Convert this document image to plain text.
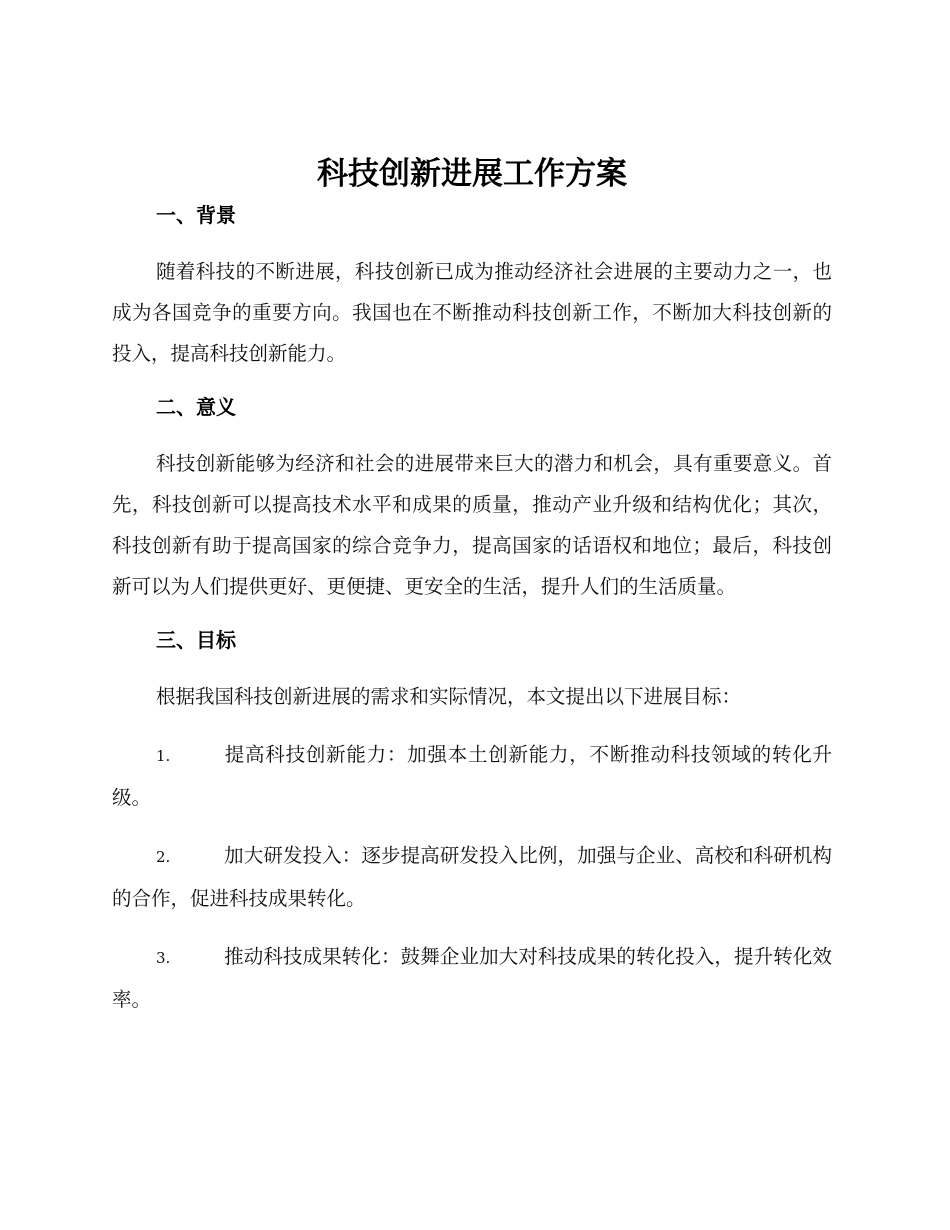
科技创新进展工作方案
一、背景

随着科技的不断进展，科技创新已成为推动经济社会进展的主要动力之一，也成为各国竞争的重要方向。我国也在不断推动科技创新工作，不断加大科技创新的投入，提高科技创新能力。

二、意义

科技创新能够为经济和社会的进展带来巨大的潜力和机会，具有重要意义。首先，科技创新可以提高技术水平和成果的质量，推动产业升级和结构优化；其次，科技创新有助于提高国家的综合竞争力，提高国家的话语权和地位；最后，科技创新可以为人们提供更好、更便捷、更安全的生活，提升人们的生活质量。

三、目标

根据我国科技创新进展的需求和实际情况，本文提出以下进展目标：

1.	提高科技创新能力：加强本土创新能力，不断推动科技领域的转化升级。

2.	加大研发投入：逐步提高研发投入比例，加强与企业、高校和科研机构的合作，促进科技成果转化。

3.	推动科技成果转化：鼓舞企业加大对科技成果的转化投入，提升转化效率。
